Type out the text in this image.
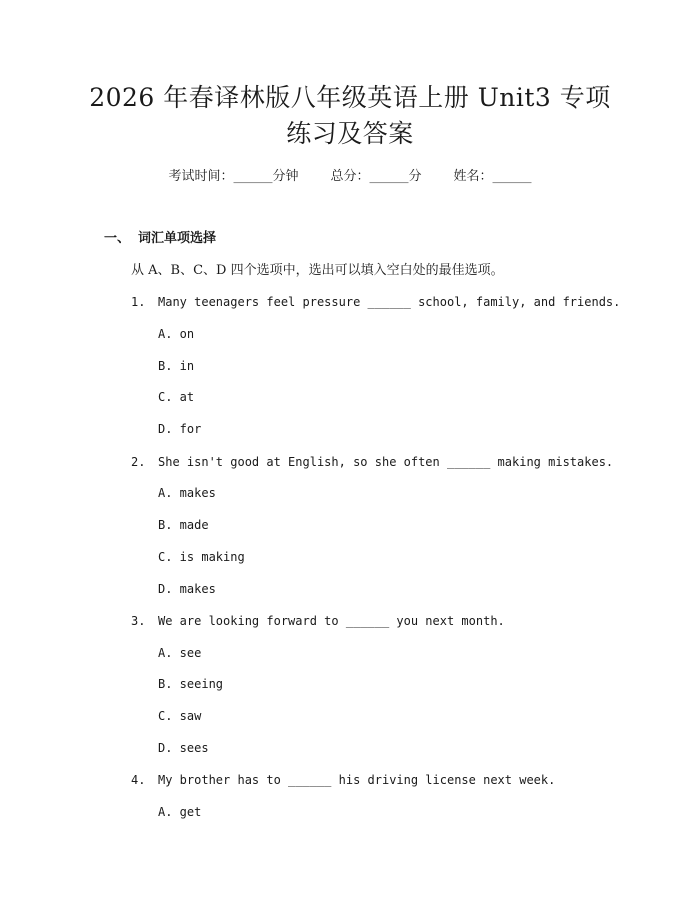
2026 年春译林版八年级英语上册 Unit3 专项
练习及答案
考试时间：______分钟 总分：______分 姓名：______
一、 词汇单项选择
从 A、B、C、D 四个选项中，选出可以填入空白处的最佳选项。
1. Many teenagers feel pressure ______ school, family, and friends.
A. on
B. in
C. at
D. for
2. She isn't good at English, so she often ______ making mistakes.
A. makes
B. made
C. is making
D. makes
3. We are looking forward to ______ you next month.
A. see
B. seeing
C. saw
D. sees
4. My brother has to ______ his driving license next week.
A. get
